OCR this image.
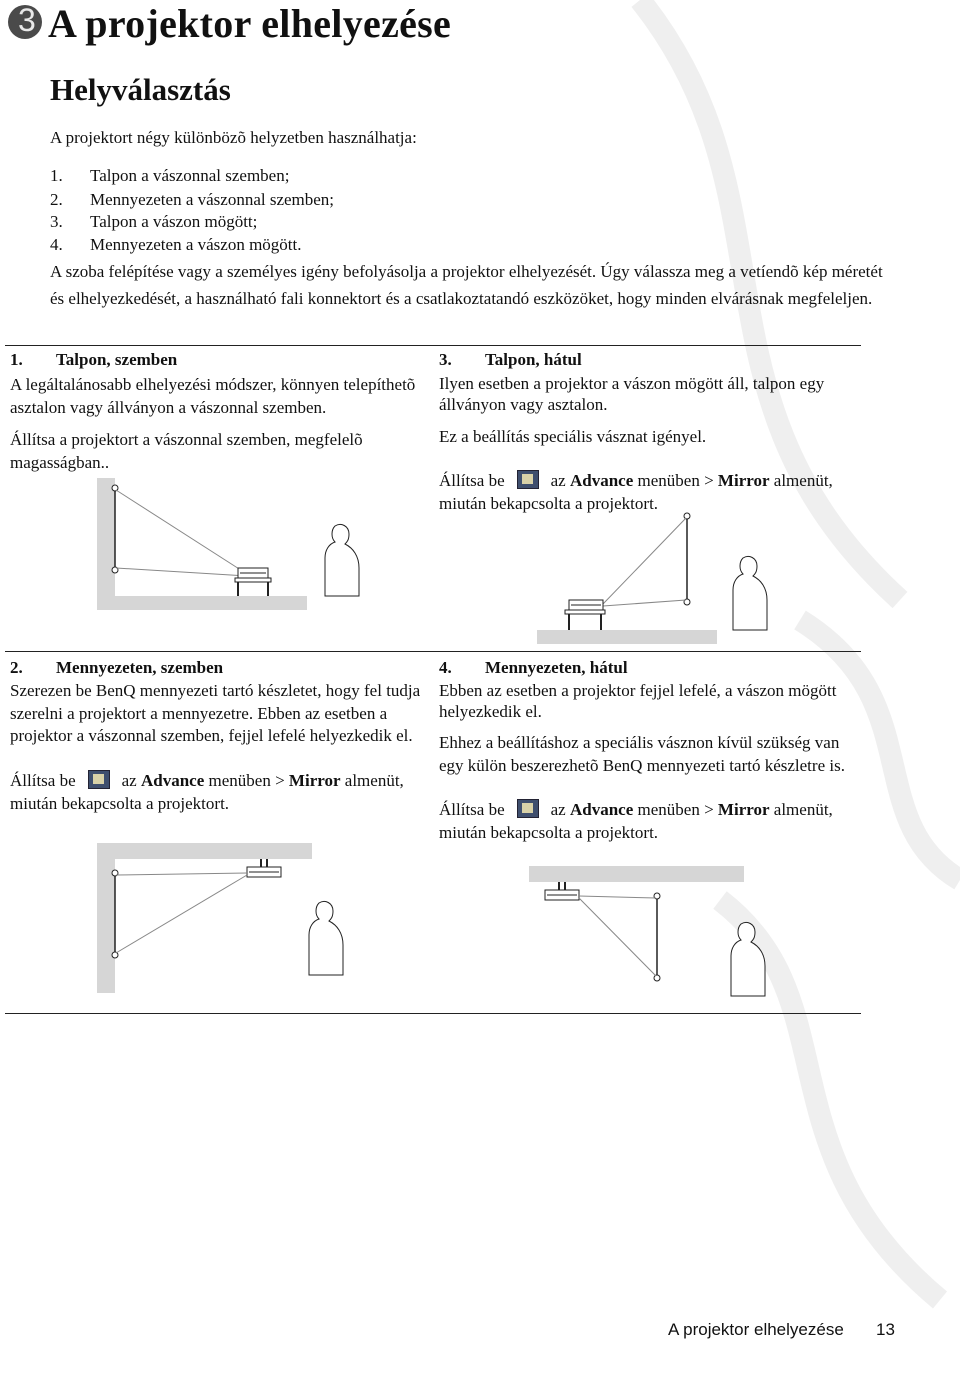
3 A projektor elhelyezése
Helyválasztás
A projektort négy különbözõ helyzetben használhatja:
1. Talpon a vászonnal szemben;
2. Mennyezeten a vászonnal szemben;
3. Talpon a vászon mögött;
4. Mennyezeten a vászon mögött.
A szoba felépítése vagy a személyes igény befolyásolja a projektor elhelyezését. Úgy válassza meg a vetíendõ kép méretét és elhelyezkedését, a használható fali konnektort és a csatlakoztatandó eszközöket, hogy minden elvárásnak megfeleljen.
1. Talpon, szemben
A legáltalánosabb elhelyezési módszer, könnyen telepíthetõ asztalon vagy állványon a vászonnal szemben.
Állítsa a projektort a vászonnal szemben, megfelelõ magasságban..
3. Talpon, hátul
Ilyen esetben a projektor a vászon mögött áll, talpon egy állványon vagy asztalon.
Ez a beállítás speciális vásznat igényel.
Állítsa be	az Advance menüben > Mirror almenüt,
miután bekapcsolta a projektort.
2. Mennyezeten, szemben
Szerezen be BenQ mennyezeti tartó készletet, hogy fel tudja szerelni a projektort a mennyezetre. Ebben az esetben a projektor a vászonnal szemben, fejjel lefelé helyezkedik el.
Állítsa be	az Advance menüben > Mirror almenüt,
miután bekapcsolta a projektort.
4. Mennyezeten, hátul
Ebben az esetben a projektor fejjel lefelé, a vászon mögött helyezkedik el.
Ehhez a beállításhoz a speciális vásznon kívül szükség van egy külön beszerezhetõ BenQ mennyezeti tartó készletre is.
Állítsa be	az Advance menüben > Mirror almenüt,
miután bekapcsolta a projektort.
A projektor elhelyezése 13
